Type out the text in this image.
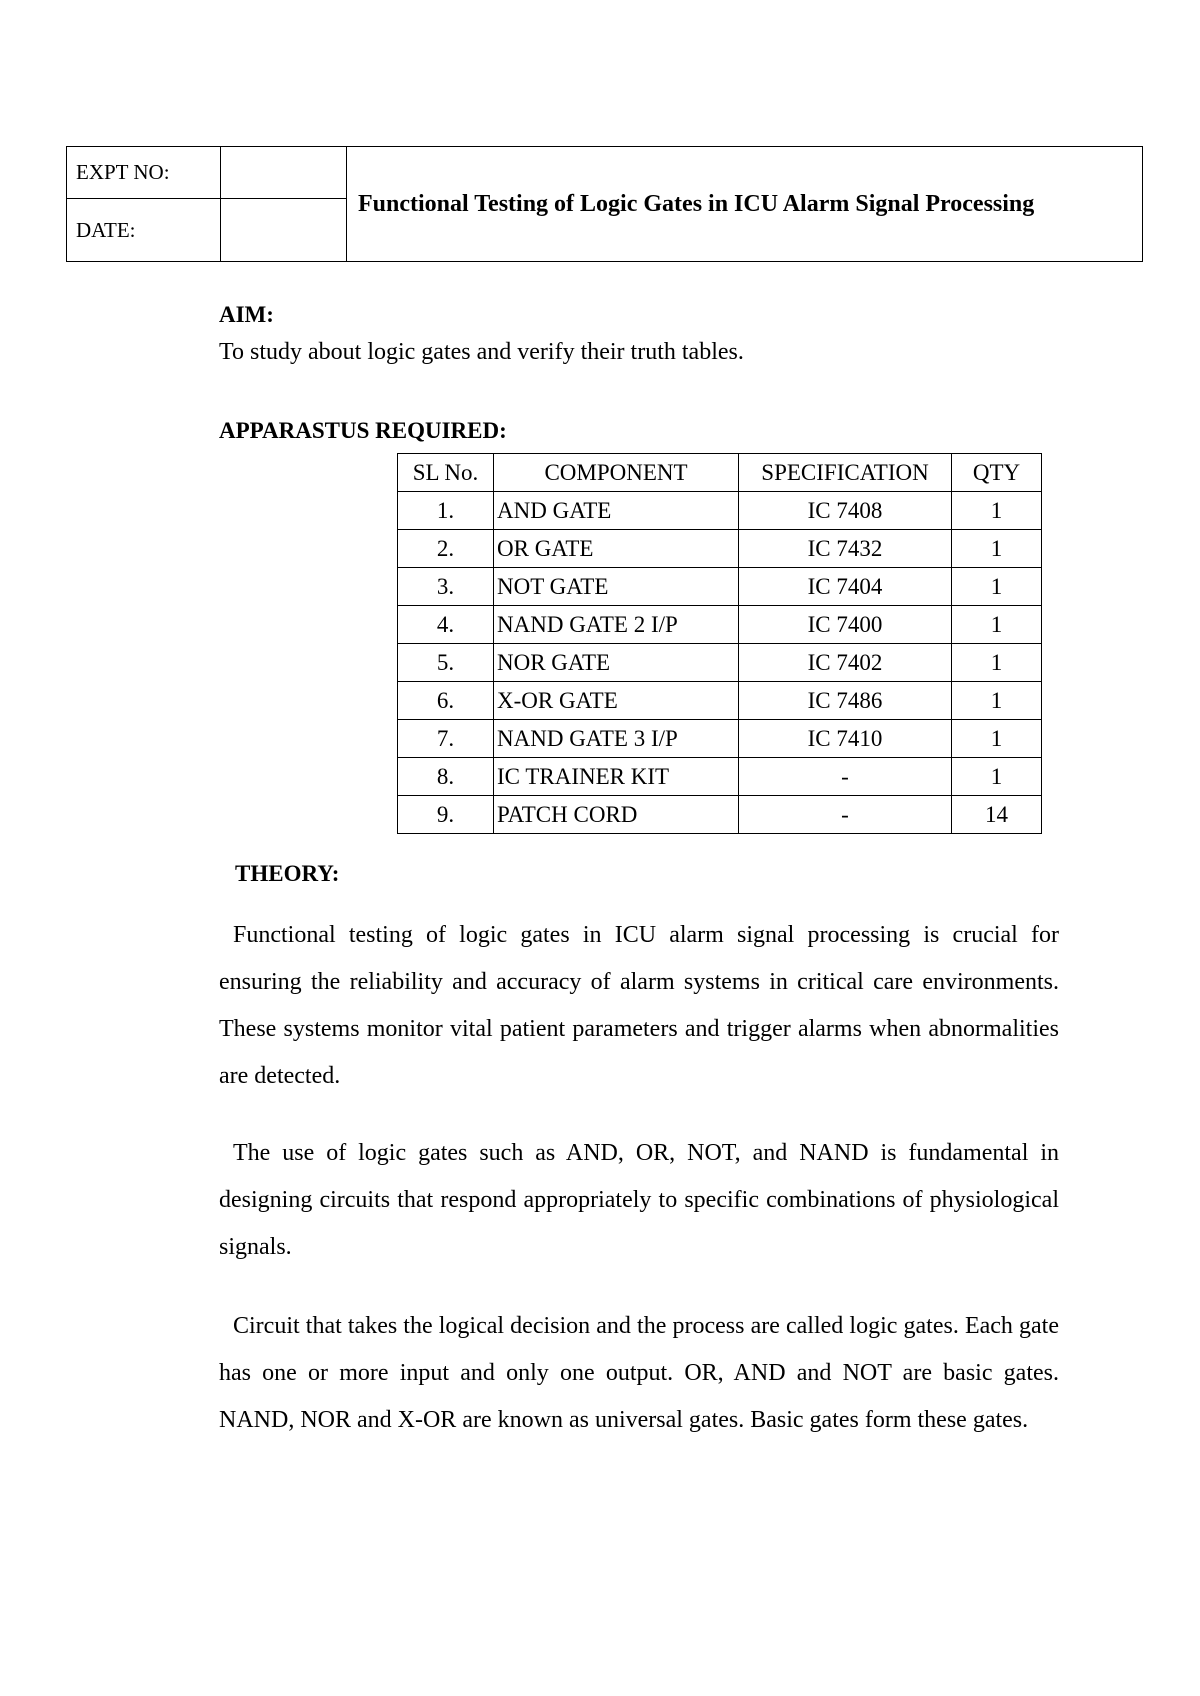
EXPT NO:		Functional Testing of Logic Gates in ICU Alarm Signal Processing
DATE:		
AIM:

To study about logic gates and verify their truth tables.

APPARASTUS REQUIRED:
SL No.	COMPONENT	SPECIFICATION	QTY
1.	AND GATE	IC 7408	1
2.	OR GATE	IC 7432	1
3.	NOT GATE	IC 7404	1
4.	NAND GATE 2 I/P	IC 7400	1
5.	NOR GATE	IC 7402	1
6.	X-OR GATE	IC 7486	1
7.	NAND GATE 3 I/P	IC 7410	1
8.	IC TRAINER KIT	-	1
9.	PATCH CORD	-	14
THEORY:

Functional testing of logic gates in ICU alarm signal processing is crucial for ensuring the reliability and accuracy of alarm systems in critical care environments. These systems monitor vital patient parameters and trigger alarms when abnormalities are detected.

The use of logic gates such as AND, OR, NOT, and NAND is fundamental in designing circuits that respond appropriately to specific combinations of physiological signals.

Circuit that takes the logical decision and the process are called logic gates. Each gate has one or more input and only one output. OR, AND and NOT are basic gates. NAND, NOR and X-OR are known as universal gates. Basic gates form these gates.
